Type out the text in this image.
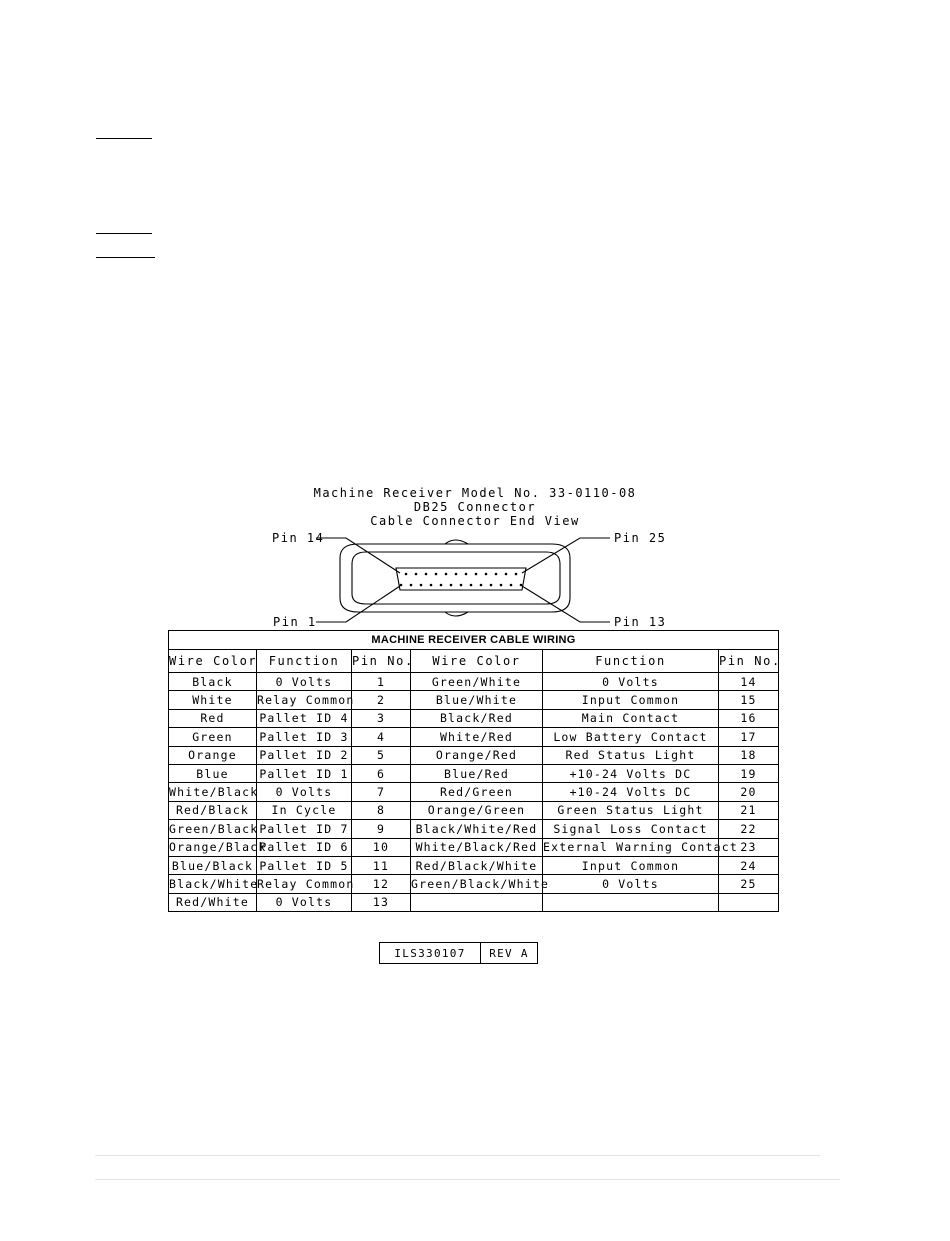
Machine Receiver Model No. 33-0110-08
DB25 Connector
Cable Connector End View
Pin 14	Pin 25
Pin 1	Pin 13
MACHINE RECEIVER CABLE WIRING					
Wire Color	Function	Pin No.	Wire Color	Function	Pin No.
Black	0 Volts	1	Green/White	0 Volts	14
White	Relay Common	2	Blue/White	Input Common	15
Red	Pallet ID 4	3	Black/Red	Main Contact	16
Green	Pallet ID 3	4	White/Red	Low Battery Contact	17
Orange	Pallet ID 2	5	Orange/Red	Red Status Light	18
Blue	Pallet ID 1	6	Blue/Red	+10-24 Volts DC	19
White/Black	0 Volts	7	Red/Green	+10-24 Volts DC	20
Red/Black	In Cycle	8	Orange/Green	Green Status Light	21
Green/Black	Pallet ID 7	9	Black/White/Red	Signal Loss Contact	22
Orange/Black	Pallet ID 6	10	White/Black/Red	External Warning Contact	23
Blue/Black	Pallet ID 5	11	Red/Black/White	Input Common	24
Black/White	Relay Common	12	Green/Black/White	0 Volts	25
Red/White	0 Volts	13			
ILS330107	REV A
